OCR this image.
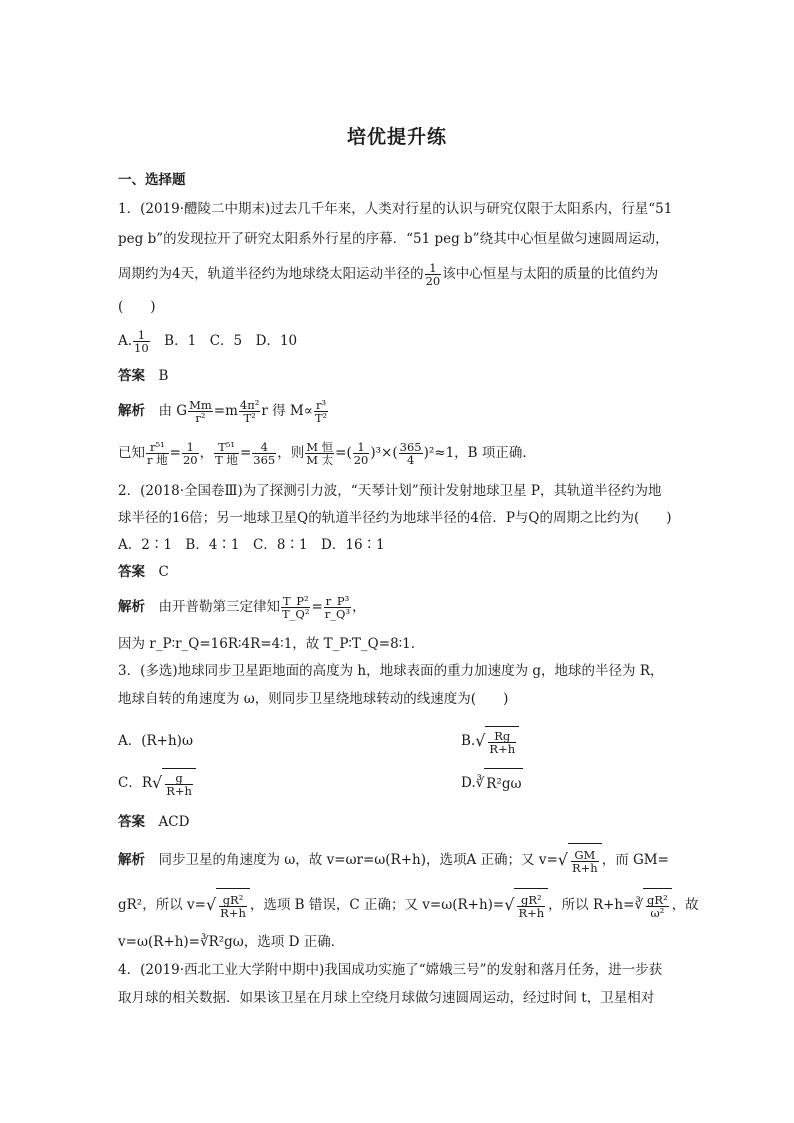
培优提升练
一、选择题
1．(2019·醴陵二中期末)过去几千年来，人类对行星的认识与研究仅限于太阳系内，行星“51
peg b”的发现拉开了研究太阳系外行星的序幕．“51 peg b”绕其中心恒星做匀速圆周运动，
周期约为4天，轨道半径约为地球绕太阳运动半径的 $\frac{1}{20}$ 该中心恒星与太阳的质量的比值约为
(　　)
A. $\frac{1}{10}$ 　B．1　C．5　D．10
答案　 B
解析　 由 G $\frac{Mm}{\text{r²}} =m \frac{\text{4π²}}{\text{T²}}$ r 得 $M\propto \frac{\text{r³}}{\text{T²}}$
已知 $\frac{\text{r⁵¹}}{\text{r 地}} = \frac{1}{20}$ ， $\frac{\text{T⁵¹}}{\text{T 地}} = \frac{4}{365}$ ，则 $\frac{\text{M 恒}}{\text{M 太}}$ =( $\frac{1}{20} )^3\times( \frac{365}{4} )^2\approx 1$，B 项正确．
2．(2018·全国卷Ⅲ)为了探测引力波，“天琴计划”预计发射地球卫星 P，其轨道半径约为地
球半径的16倍；另一地球卫星Q的轨道半径约为地球半径的4倍．P与Q的周期之比约为(　　)
A．2∶1　B．4∶1　C．8∶1　D．16∶1
答案　 C
解析　 由开普勒第三定律知 $\frac{\text{T\_P²}}{\text{T\_Q²}} = \frac{\text{r\_P³}}{\text{r\_Q³}}$ ，
因为 r_P∶r_Q=16R∶4R=4∶1，故 T_P∶T_Q=8∶1.
3．(多选)地球同步卫星距地面的高度为 h，地球表面的重力加速度为 g，地球的半径为 R，
地球自转的角速度为 ω，则同步卫星绕地球转动的线速度为(　　)
A．(R+h)ω	$B.√ \frac{Rg}{R+h}$
C．$R√ \frac{g}{R+h}$	D.∛ R²gω
答案　 ACD
解析　 同步卫星的角速度为 ω，故 v=ωr=ω(R+h)，选项A 正确；又 $v=√ \frac{GM}{R+h}$ ，而 GM=
gR²，所以 $v=√ \frac{\text{gR²}}{R+h}$ ，选项 B 错误，C 正确；又 $v=\omega(R+h)=√ \frac{\text{gR²}}{R+h}$ ，所以 R+h=∛ $\frac{\text{gR²}}{\text{ω²}}$ ，故
v=ω(R+h)=∛R²gω，选项 D 正确．
4．(2019·西北工业大学附中期中)我国成功实施了“嫦娥三号”的发射和落月任务，进一步获
取月球的相关数据．如果该卫星在月球上空绕月球做匀速圆周运动，经过时间 t，卫星相对
